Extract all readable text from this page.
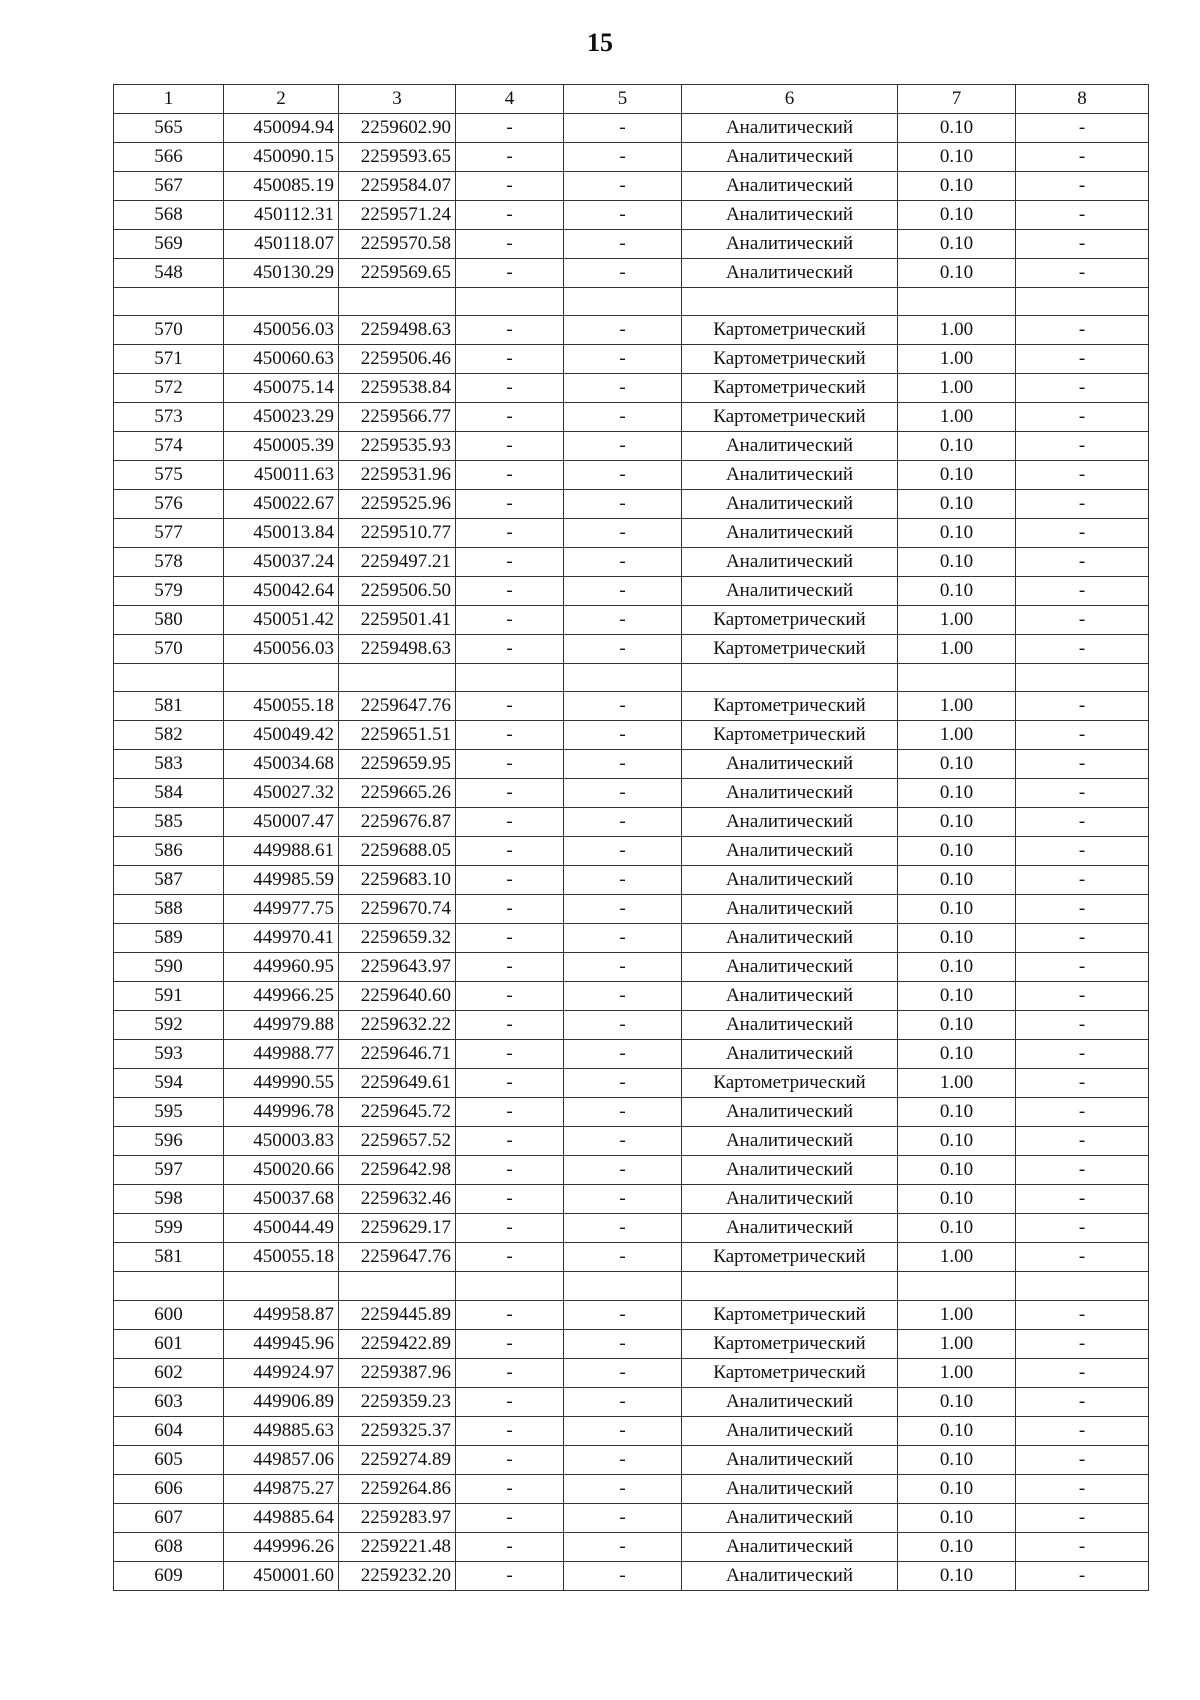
15
1	2	3	4	5	6	7	8
565	450094.94	2259602.90	-	-	Аналитический	0.10	-
566	450090.15	2259593.65	-	-	Аналитический	0.10	-
567	450085.19	2259584.07	-	-	Аналитический	0.10	-
568	450112.31	2259571.24	-	-	Аналитический	0.10	-
569	450118.07	2259570.58	-	-	Аналитический	0.10	-
548	450130.29	2259569.65	-	-	Аналитический	0.10	-

570	450056.03	2259498.63	-	-	Картометрический	1.00	-
571	450060.63	2259506.46	-	-	Картометрический	1.00	-
572	450075.14	2259538.84	-	-	Картометрический	1.00	-
573	450023.29	2259566.77	-	-	Картометрический	1.00	-
574	450005.39	2259535.93	-	-	Аналитический	0.10	-
575	450011.63	2259531.96	-	-	Аналитический	0.10	-
576	450022.67	2259525.96	-	-	Аналитический	0.10	-
577	450013.84	2259510.77	-	-	Аналитический	0.10	-
578	450037.24	2259497.21	-	-	Аналитический	0.10	-
579	450042.64	2259506.50	-	-	Аналитический	0.10	-
580	450051.42	2259501.41	-	-	Картометрический	1.00	-
570	450056.03	2259498.63	-	-	Картометрический	1.00	-

581	450055.18	2259647.76	-	-	Картометрический	1.00	-
582	450049.42	2259651.51	-	-	Картометрический	1.00	-
583	450034.68	2259659.95	-	-	Аналитический	0.10	-
584	450027.32	2259665.26	-	-	Аналитический	0.10	-
585	450007.47	2259676.87	-	-	Аналитический	0.10	-
586	449988.61	2259688.05	-	-	Аналитический	0.10	-
587	449985.59	2259683.10	-	-	Аналитический	0.10	-
588	449977.75	2259670.74	-	-	Аналитический	0.10	-
589	449970.41	2259659.32	-	-	Аналитический	0.10	-
590	449960.95	2259643.97	-	-	Аналитический	0.10	-
591	449966.25	2259640.60	-	-	Аналитический	0.10	-
592	449979.88	2259632.22	-	-	Аналитический	0.10	-
593	449988.77	2259646.71	-	-	Аналитический	0.10	-
594	449990.55	2259649.61	-	-	Картометрический	1.00	-
595	449996.78	2259645.72	-	-	Аналитический	0.10	-
596	450003.83	2259657.52	-	-	Аналитический	0.10	-
597	450020.66	2259642.98	-	-	Аналитический	0.10	-
598	450037.68	2259632.46	-	-	Аналитический	0.10	-
599	450044.49	2259629.17	-	-	Аналитический	0.10	-
581	450055.18	2259647.76	-	-	Картометрический	1.00	-

600	449958.87	2259445.89	-	-	Картометрический	1.00	-
601	449945.96	2259422.89	-	-	Картометрический	1.00	-
602	449924.97	2259387.96	-	-	Картометрический	1.00	-
603	449906.89	2259359.23	-	-	Аналитический	0.10	-
604	449885.63	2259325.37	-	-	Аналитический	0.10	-
605	449857.06	2259274.89	-	-	Аналитический	0.10	-
606	449875.27	2259264.86	-	-	Аналитический	0.10	-
607	449885.64	2259283.97	-	-	Аналитический	0.10	-
608	449996.26	2259221.48	-	-	Аналитический	0.10	-
609	450001.60	2259232.20	-	-	Аналитический	0.10	-
